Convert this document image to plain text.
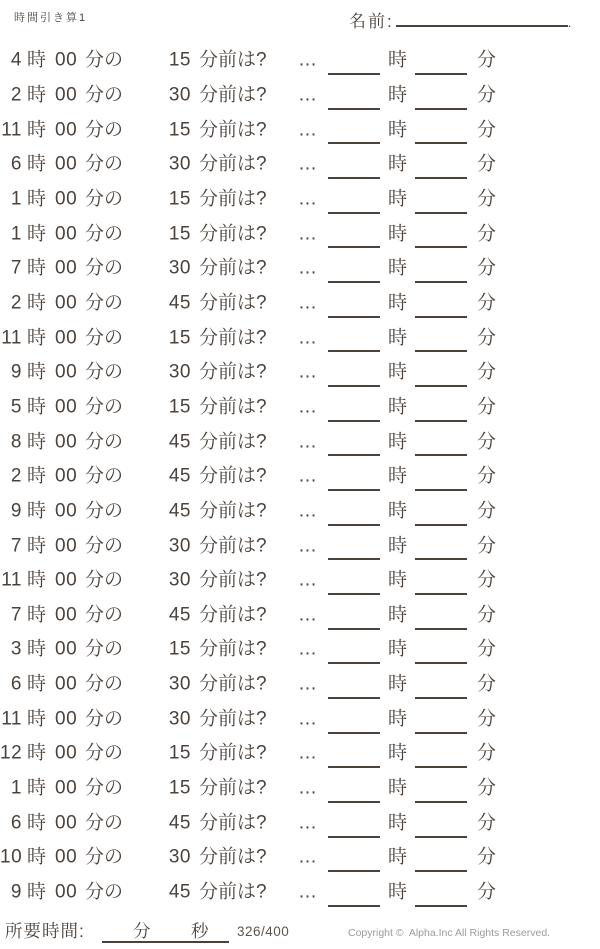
時間引き算1	名前:	.
4 時 00 分の 15 分前は? …	時	分
2 時 00 分の 30 分前は? …	時	分
11 時 00 分の 15 分前は? …	時	分
6 時 00 分の 30 分前は? …	時	分
1 時 00 分の 15 分前は? …	時	分
1 時 00 分の 15 分前は? …	時	分
7 時 00 分の 30 分前は? …	時	分
2 時 00 分の 45 分前は? …	時	分
11 時 00 分の 15 分前は? …	時	分
9 時 00 分の 30 分前は? …	時	分
5 時 00 分の 15 分前は? …	時	分
8 時 00 分の 45 分前は? …	時	分
2 時 00 分の 45 分前は? …	時	分
9 時 00 分の 45 分前は? …	時	分
7 時 00 分の 30 分前は? …	時	分
11 時 00 分の 30 分前は? …	時	分
7 時 00 分の 45 分前は? …	時	分
3 時 00 分の 15 分前は? …	時	分
6 時 00 分の 30 分前は? …	時	分
11 時 00 分の 30 分前は? …	時	分
12 時 00 分の 15 分前は? …	時	分
1 時 00 分の 15 分前は? …	時	分
6 時 00 分の 45 分前は? …	時	分
10 時 00 分の 30 分前は? …	時	分
9 時 00 分の 45 分前は? …	時	分
所要時間:	分 秒 326/400	Copyright ©  Alpha.Inc All Rights Reserved.
